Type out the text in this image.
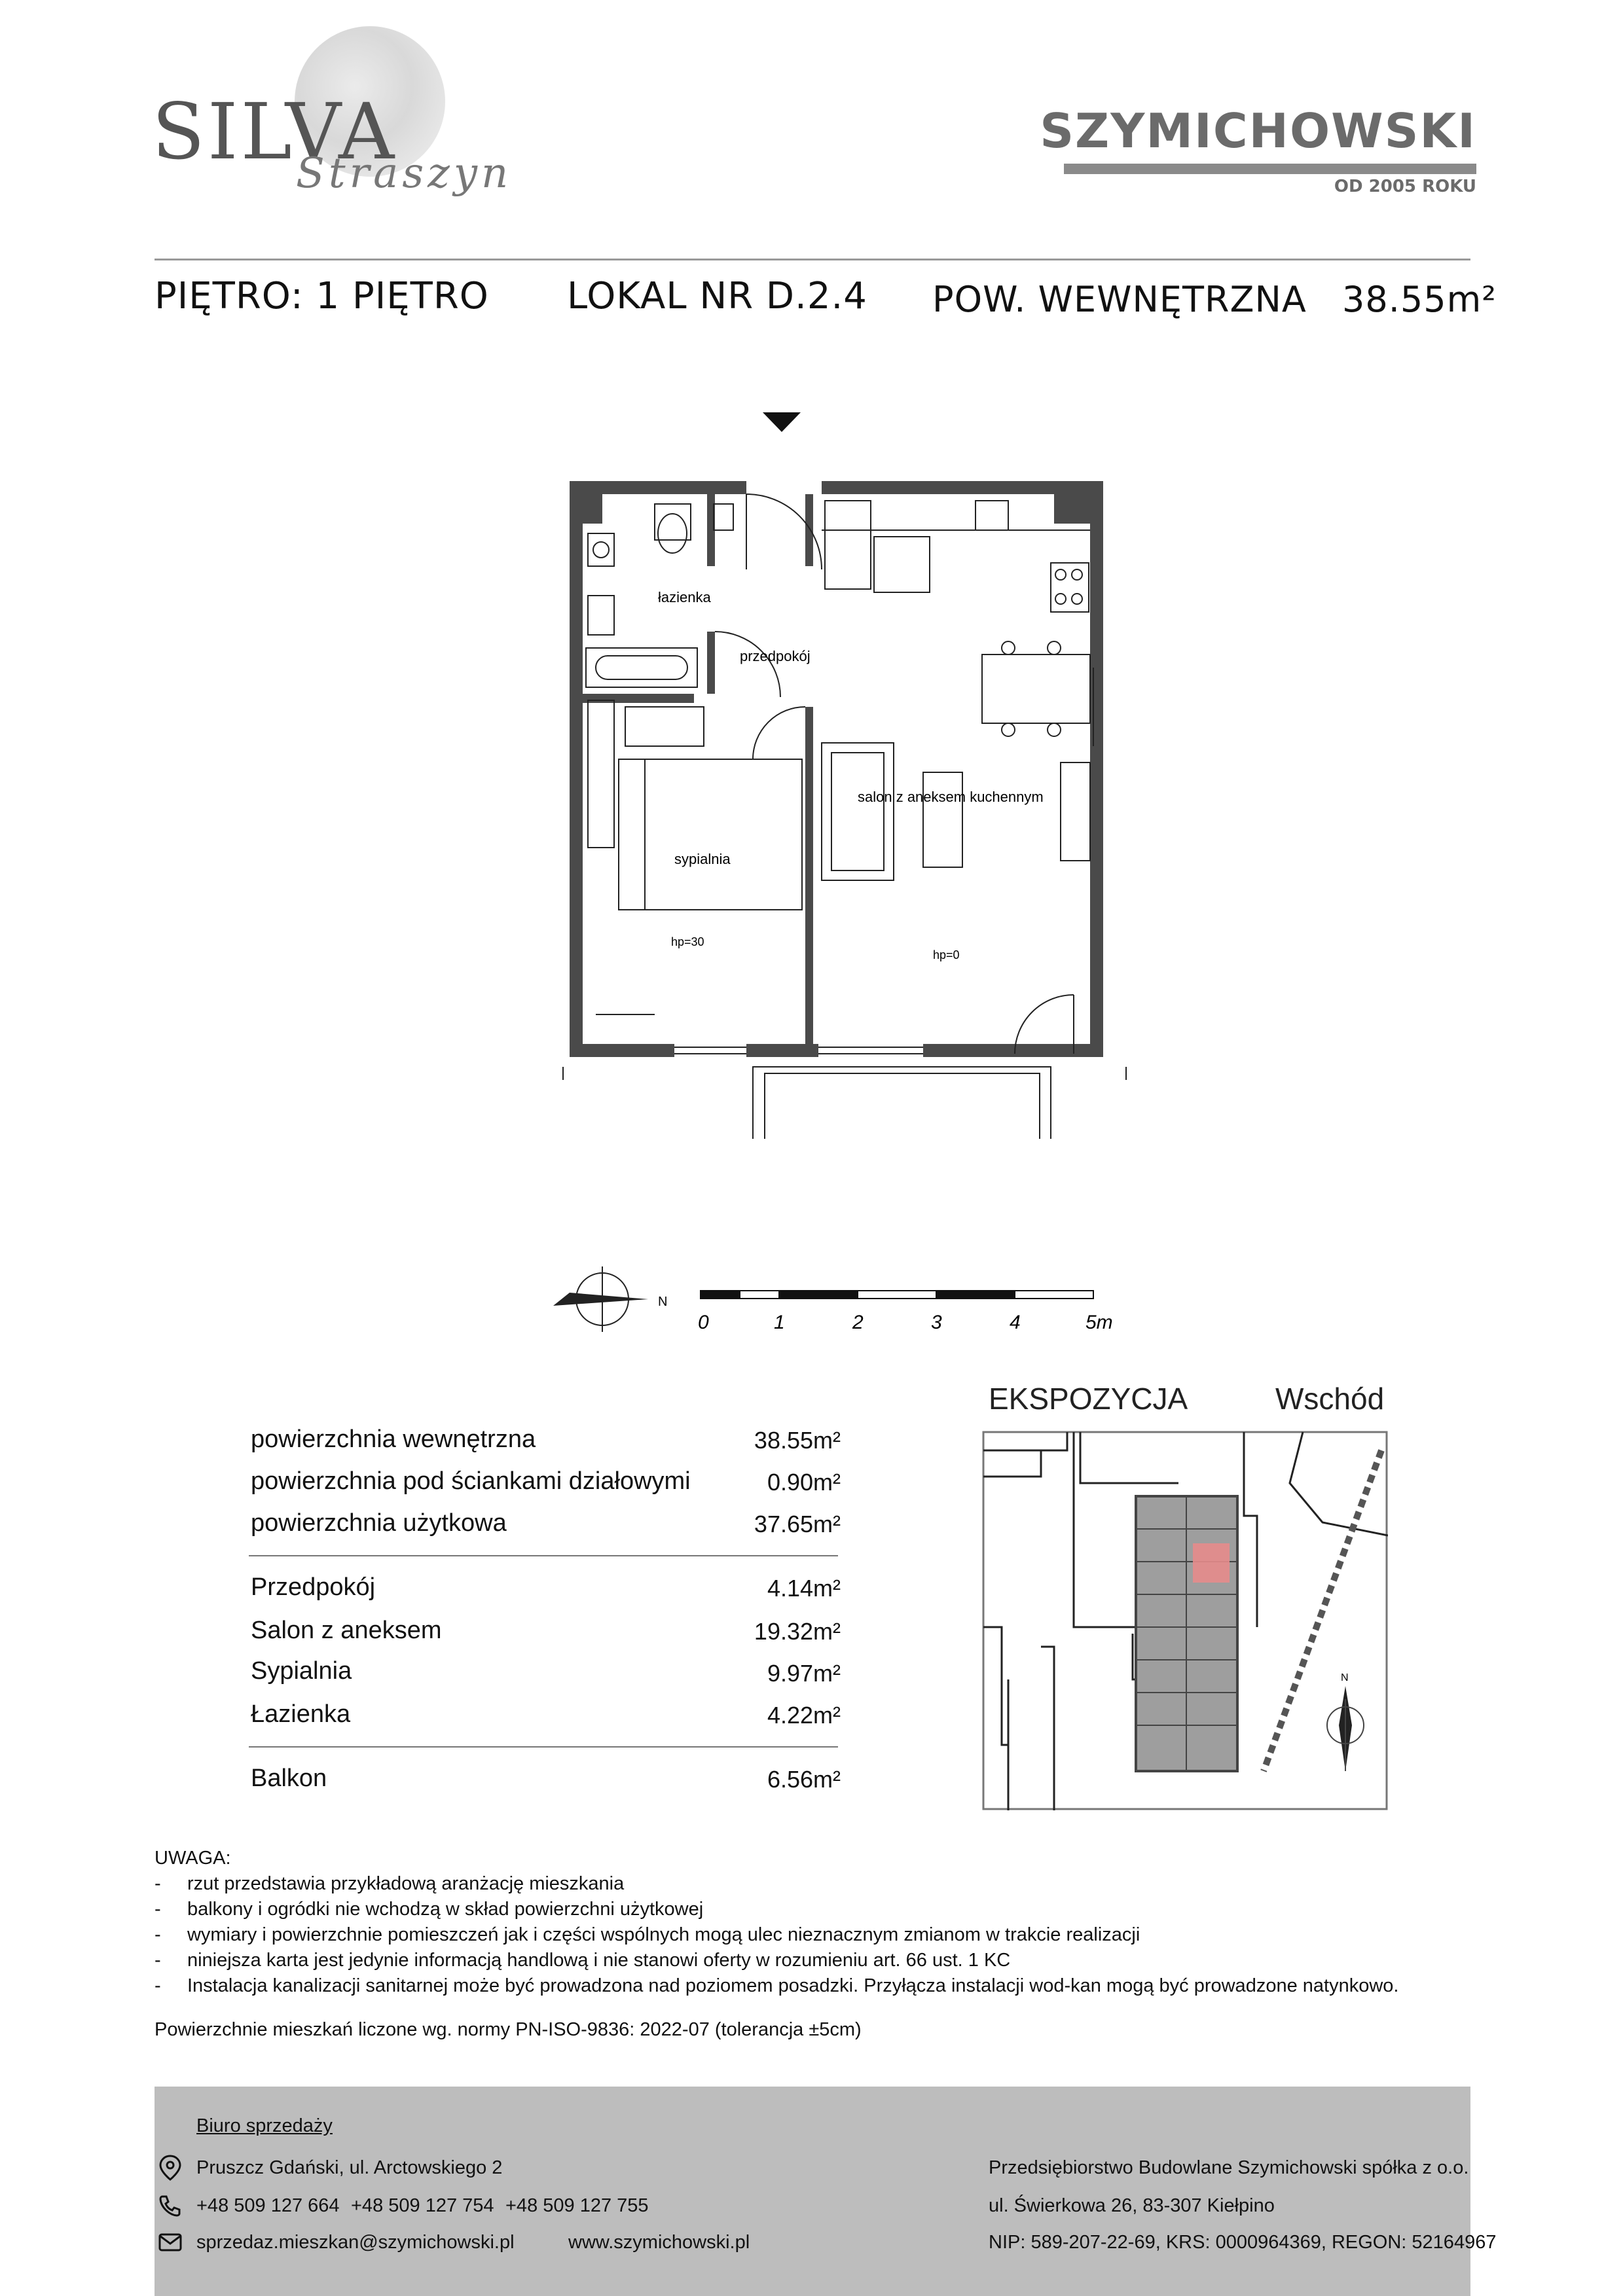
SILVA
Straszyn
SZYMICHOWSKI
OD 2005 ROKU
PIĘTRO: 1 PIĘTRO LOKAL NR D.2.4 POW. WEWNĘTRZNA 38.55m²
łazienka
przedpokój
salon z aneksem kuchennym
sypialnia
hp=30
hp=0
N
0	1	2	3	4	5m
powierzchnia wewnętrzna	38.55m²
powierzchnia pod ściankami działowymi	0.90m²
powierzchnia użytkowa	37.65m²
Przedpokój	4.14m²
Salon z aneksem	19.32m²
Sypialnia	9.97m²
Łazienka	4.22m²
Balkon	6.56m²
EKSPOZYCJA	Wschód
N
UWAGA:
-     rzut przedstawia przykładową aranżację mieszkania
-     balkony i ogródki nie wchodzą w skład powierzchni użytkowej
-     wymiary i powierzchnie pomieszczeń jak i części wspólnych mogą ulec nieznacznym zmianom w trakcie realizacji
-     niniejsza karta jest jedynie informacją handlową i nie stanowi oferty w rozumieniu art. 66 ust. 1 KC
-     Instalacja kanalizacji sanitarnej może być prowadzona nad poziomem posadzki. Przyłącza instalacji wod-kan mogą być prowadzone natynkowo.
Powierzchnie mieszkań liczone wg. normy PN-ISO-9836: 2022-07 (tolerancja ±5cm)
Biuro sprzedaży
Pruszcz Gdański, ul. Arctowskiego 2
+48 509 127 664 +48 509 127 754 +48 509 127 755
sprzedaz.mieszkan@szymichowski.pl	www.szymichowski.pl
Przedsiębiorstwo Budowlane Szymichowski spółka z o.o.
ul. Świerkowa 26, 83-307 Kiełpino
NIP: 589-207-22-69, KRS: 0000964369, REGON: 52164967
